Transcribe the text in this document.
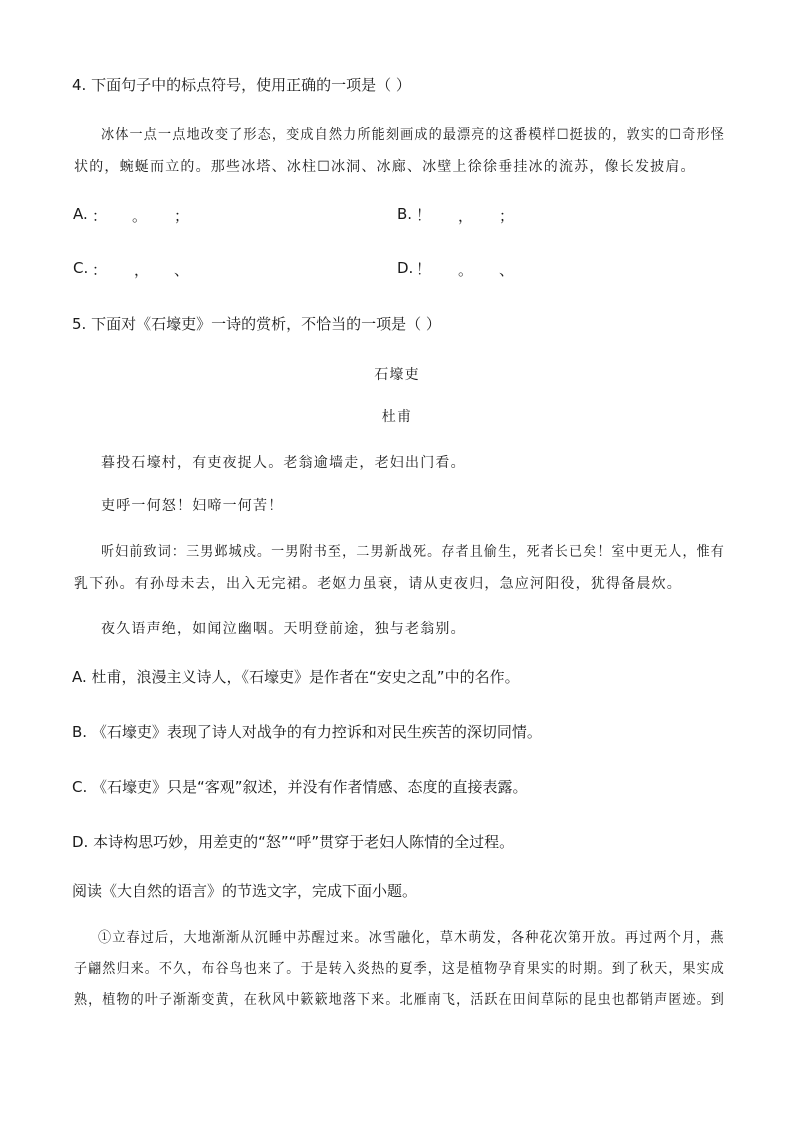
4. 下面句子中的标点符号，使用正确的一项是（ ）
冰体一点一点地改变了形态，变成自然力所能刻画成的最漂亮的这番模样☐挺拔的，敦实的☐奇形怪
状的，蜿蜒而立的。那些冰塔、冰柱☐冰洞、冰廊、冰壁上徐徐垂挂冰的流苏，像长发披肩。
A. ： 。 ；	B. ！ ， ；
C. ： ， 、	D. ！ 。 、
5. 下面对《石壕吏》一诗的赏析，不恰当的一项是（ ）
石壕吏
杜甫
暮投石壕村，有吏夜捉人。老翁逾墙走，老妇出门看。
吏呼一何怒！妇啼一何苦！
听妇前致词：三男邺城戍。一男附书至，二男新战死。存者且偷生，死者长已矣！室中更无人，惟有
乳下孙。有孙母未去，出入无完裙。老妪力虽衰，请从吏夜归，急应河阳役，犹得备晨炊。
夜久语声绝，如闻泣幽咽。天明登前途，独与老翁别。
A. 杜甫，浪漫主义诗人，《石壕吏》是作者在“安史之乱”中的名作。
B. 《石壕吏》表现了诗人对战争的有力控诉和对民生疾苦的深切同情。
C. 《石壕吏》只是“客观”叙述，并没有作者情感、态度的直接表露。
D. 本诗构思巧妙，用差吏的“怒”“呼”贯穿于老妇人陈情的全过程。
阅读《大自然的语言》的节选文字，完成下面小题。
①立春过后，大地渐渐从沉睡中苏醒过来。冰雪融化，草木萌发，各种花次第开放。再过两个月，燕
子翩然归来。不久，布谷鸟也来了。于是转入炎热的夏季，这是植物孕育果实的时期。到了秋天，果实成
熟，植物的叶子渐渐变黄，在秋风中簌簌地落下来。北雁南飞，活跃在田间草际的昆虫也都销声匿迹。到
